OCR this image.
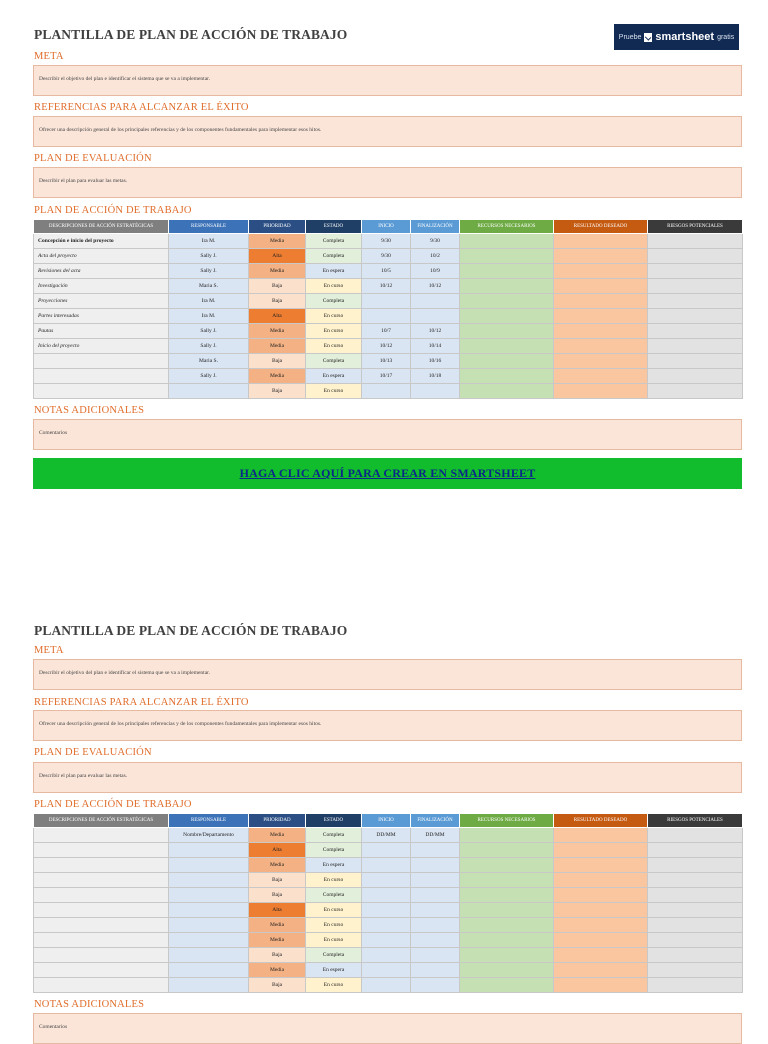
PLANTILLA DE PLAN DE ACCIÓN DE TRABAJO	Pruebe smartsheet gratis
META
Describir el objetivo del plan e identificar el sistema que se va a implementar.
REFERENCIAS PARA ALCANZAR EL ÉXITO
Ofrecer una descripción general de los principales referencias y de los componentes fundamentales para implementar esos hitos.
PLAN DE EVALUACIÓN
Describir el plan para evaluar las metas.
PLAN DE ACCIÓN DE TRABAJO
DESCRIPCIONES DE ACCIÓN ESTRATÉGICAS	RESPONSABLE	PRIORIDAD	ESTADO	INICIO	FINALIZACIÓN	RECURSOS NECESARIOS	RESULTADO DESEADO	RIESGOS POTENCIALES
Concepción e inicio del proyecto	Ira M.	Media	Completa	9/30	9/30			
Acta del proyecto	Sally J.	Alta	Completa	9/30	10/2			
Revisiones del acta	Sally J.	Media	En espera	10/5	10/9			
Investigación	Maria S.	Baja	En curso	10/12	10/12			
Proyecciones	Ira M.	Baja	Completa					
Partes interesadas	Ira M.	Alta	En curso					
Pautas	Sally J.	Media	En curso	10/7	10/12			
Inicio del proyecto	Sally J.	Media	En curso	10/12	10/14			
	Maria S.	Baja	Completa	10/13	10/16			
	Sally J.	Media	En espera	10/17	10/18			
		Baja	En curso					
NOTAS ADICIONALES
Comentarios
HAGA CLIC AQUÍ PARA CREAR EN SMARTSHEET
PLANTILLA DE PLAN DE ACCIÓN DE TRABAJO
META
Describir el objetivo del plan e identificar el sistema que se va a implementar.
REFERENCIAS PARA ALCANZAR EL ÉXITO
Ofrecer una descripción general de los principales referencias y de los componentes fundamentales para implementar esos hitos.
PLAN DE EVALUACIÓN
Describir el plan para evaluar las metas.
PLAN DE ACCIÓN DE TRABAJO
DESCRIPCIONES DE ACCIÓN ESTRATÉGICAS	RESPONSABLE	PRIORIDAD	ESTADO	INICIO	FINALIZACIÓN	RECURSOS NECESARIOS	RESULTADO DESEADO	RIESGOS POTENCIALES
	Nombre/Departamento	Media	Completa	DD/MM	DD/MM			
		Alta	Completa					
		Media	En espera					
		Baja	En curso					
		Baja	Completa					
		Alta	En curso					
		Media	En curso					
		Media	En curso					
		Baja	Completa					
		Media	En espera					
		Baja	En curso					
NOTAS ADICIONALES
Comentarios
